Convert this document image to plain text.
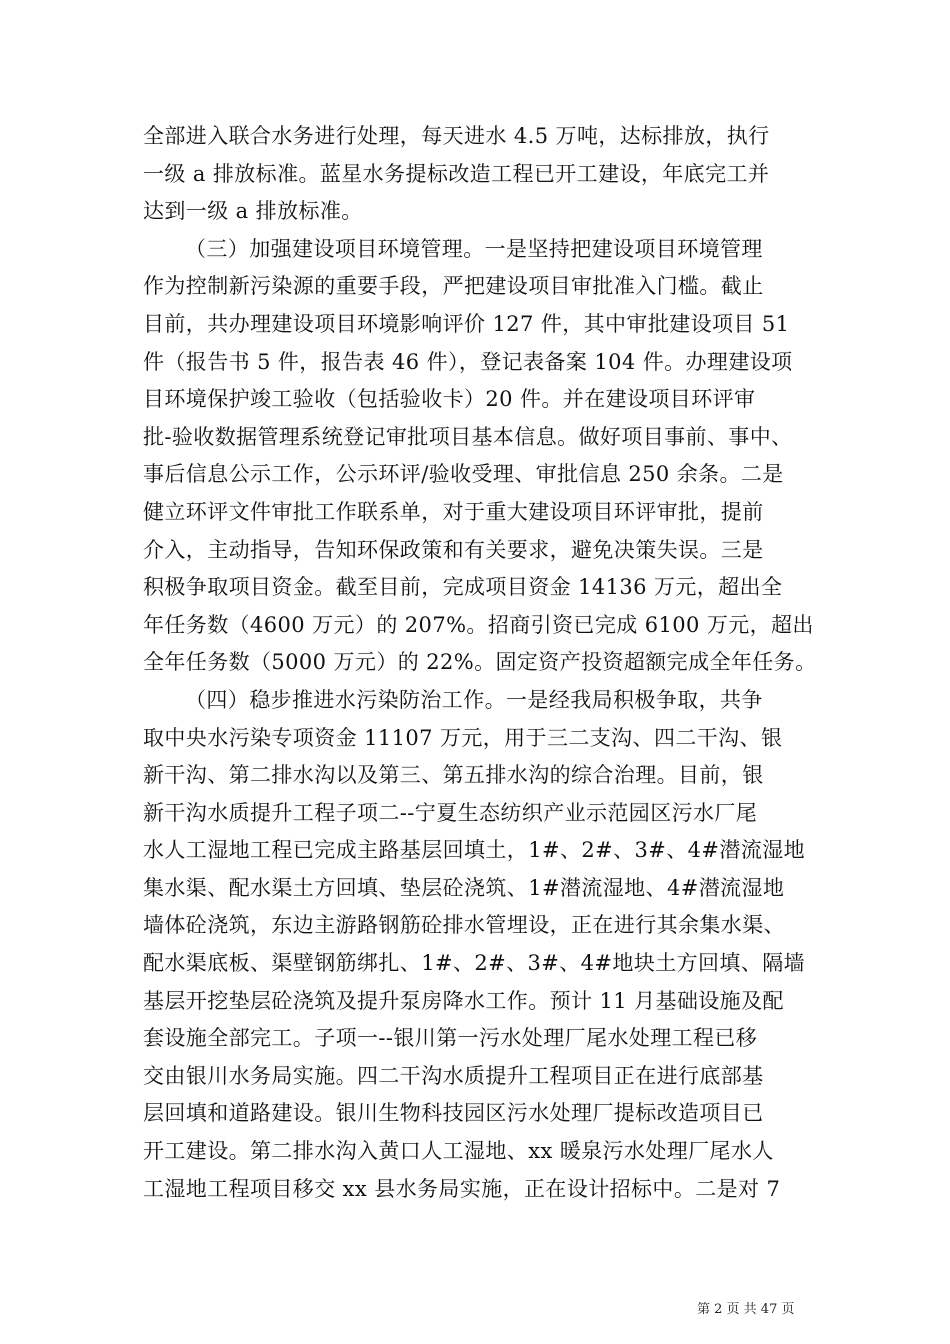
全部进入联合水务进行处理，每天进水 4.5 万吨，达标排放，执行
一级 a 排放标准。蓝星水务提标改造工程已开工建设，年底完工并
达到一级 a 排放标准。
（三）加强建设项目环境管理。一是坚持把建设项目环境管理
作为控制新污染源的重要手段，严把建设项目审批准入门槛。截止
目前，共办理建设项目环境影响评价 127 件，其中审批建设项目 51
件（报告书 5 件，报告表 46 件），登记表备案 104 件。办理建设项
目环境保护竣工验收（包括验收卡）20 件。并在建设项目环评审
批-验收数据管理系统登记审批项目基本信息。做好项目事前、事中、
事后信息公示工作，公示环评/验收受理、审批信息 250 余条。二是
健立环评文件审批工作联系单，对于重大建设项目环评审批，提前
介入，主动指导，告知环保政策和有关要求，避免决策失误。三是
积极争取项目资金。截至目前，完成项目资金 14136 万元，超出全
年任务数（4600 万元）的 207%。招商引资已完成 6100 万元，超出
全年任务数（5000 万元）的 22%。固定资产投资超额完成全年任务。
（四）稳步推进水污染防治工作。一是经我局积极争取，共争
取中央水污染专项资金 11107 万元，用于三二支沟、四二干沟、银
新干沟、第二排水沟以及第三、第五排水沟的综合治理。目前，银
新干沟水质提升工程子项二--宁夏生态纺织产业示范园区污水厂尾
水人工湿地工程已完成主路基层回填土，1#、2#、3#、4#潜流湿地
集水渠、配水渠土方回填、垫层砼浇筑、1#潜流湿地、4#潜流湿地
墙体砼浇筑，东边主游路钢筋砼排水管埋设，正在进行其余集水渠、
配水渠底板、渠壁钢筋绑扎、1#、2#、3#、4#地块土方回填、隔墙
基层开挖垫层砼浇筑及提升泵房降水工作。预计 11 月基础设施及配
套设施全部完工。子项一--银川第一污水处理厂尾水处理工程已移
交由银川水务局实施。四二干沟水质提升工程项目正在进行底部基
层回填和道路建设。银川生物科技园区污水处理厂提标改造项目已
开工建设。第二排水沟入黄口人工湿地、xx 暖泉污水处理厂尾水人
工湿地工程项目移交 xx 县水务局实施，正在设计招标中。二是对 7
第 2 页 共 47 页
